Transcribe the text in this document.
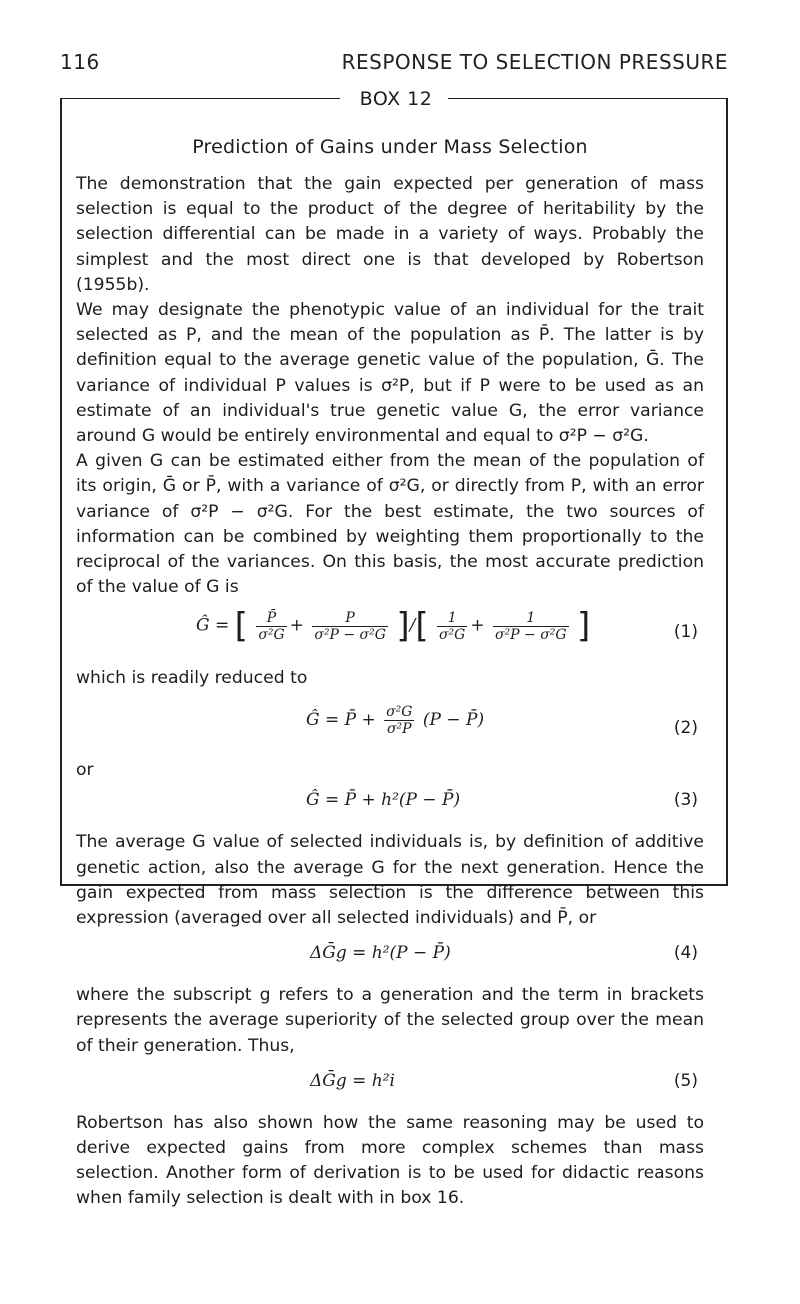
116	RESPONSE TO SELECTION PRESSURE
BOX 12
Prediction of Gains under Mass Selection

The demonstration that the gain expected per generation of mass selection is equal to the product of the degree of heritability by the selection differential can be made in a variety of ways. Probably the simplest and the most direct one is that developed by Robertson (1955b).

We may designate the phenotypic value of an individual for the trait selected as P, and the mean of the population as P̄. The latter is by definition equal to the average genetic value of the population, Ḡ. The variance of individual P values is σ²P, but if P were to be used as an estimate of an individual's true genetic value G, the error variance around G would be entirely environmental and equal to σ²P − σ²G.

A given G can be estimated either from the mean of the population of its origin, Ḡ or P̄, with a variance of σ²G, or directly from P, with an error variance of σ²P − σ²G. For the best estimate, the two sources of information can be combined by weighting them proportionally to the reciprocal of the variances. On this basis, the most accurate prediction of the value of G is

Ĝ = [ $\frac{P̄}{\text{σ²G}} + \frac{P}{\text{σ²P − σ²G}}$ ]/[ $\frac{1}{\text{σ²G}} + \frac{1}{\text{σ²P − σ²G}}$ ]	(1)
which is readily reduced to
Ĝ = P̄ + $\frac{\text{σ²G}}{\text{σ²P}} (P$ − P̄)	(2)
or
Ĝ = P̄ + h²(P − P̄)	(3)

The average G value of selected individuals is, by definition of additive genetic action, also the average G for the next generation. Hence the gain expected from mass selection is the difference between this expression (averaged over all selected individuals) and P̄, or

ΔḠg = h²(P − P̄)	(4)

where the subscript g refers to a generation and the term in brackets represents the average superiority of the selected group over the mean of their generation. Thus,

ΔḠg = h²i	(5)

Robertson has also shown how the same reasoning may be used to derive expected gains from more complex schemes than mass selection. Another form of derivation is to be used for didactic reasons when family selection is dealt with in box 16.
